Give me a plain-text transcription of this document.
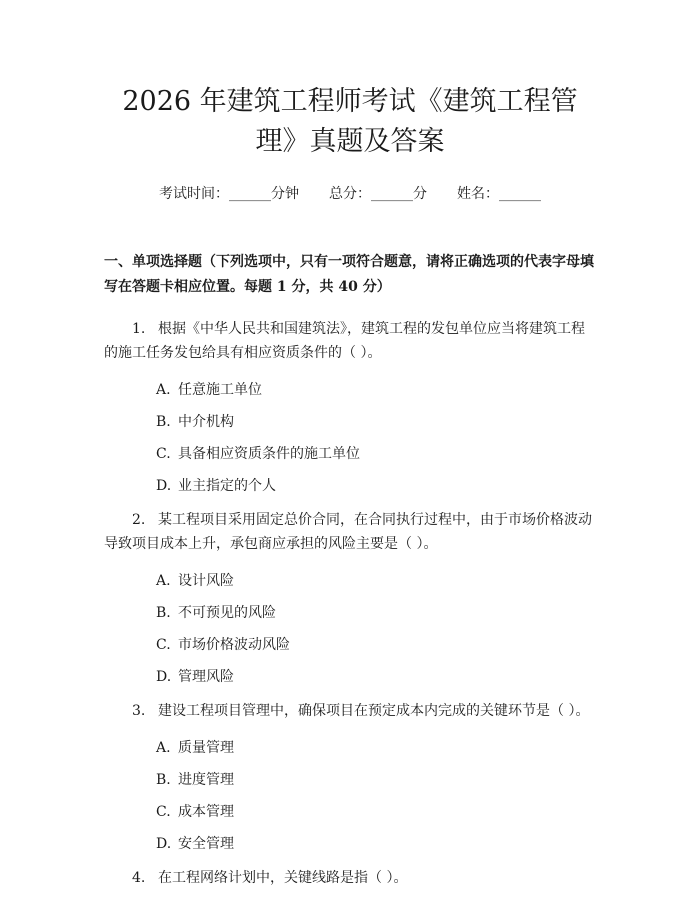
2026 年建筑工程师考试《建筑工程管理》真题及答案
考试时间：______分钟 总分：______分 姓名：______
一、单项选择题（下列选项中，只有一项符合题意，请将正确选项的代表字母填写在答题卡相应位置。每题 1 分，共 40 分）
1. 根据《中华人民共和国建筑法》，建筑工程的发包单位应当将建筑工程的施工任务发包给具有相应资质条件的（ ）。
A. 任意施工单位
B. 中介机构
C. 具备相应资质条件的施工单位
D. 业主指定的个人
2. 某工程项目采用固定总价合同，在合同执行过程中，由于市场价格波动导致项目成本上升，承包商应承担的风险主要是（ ）。
A. 设计风险
B. 不可预见的风险
C. 市场价格波动风险
D. 管理风险
3. 建设工程项目管理中，确保项目在预定成本内完成的关键环节是（ ）。
A. 质量管理
B. 进度管理
C. 成本管理
D. 安全管理
4. 在工程网络计划中，关键线路是指（ ）。
